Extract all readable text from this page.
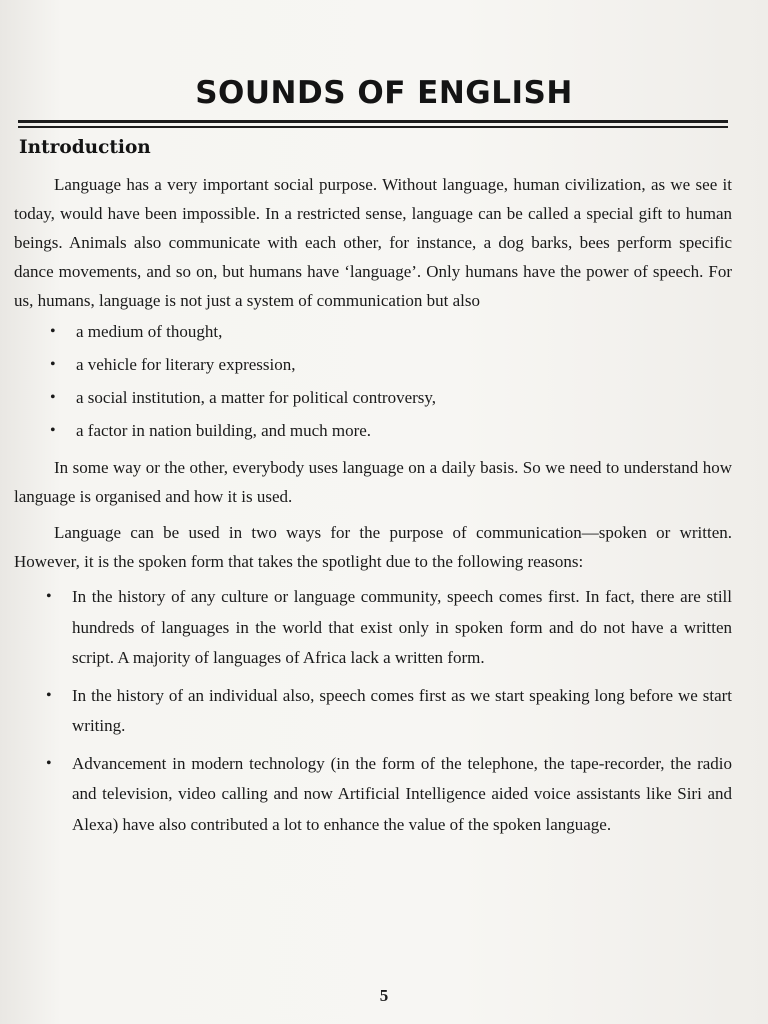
SOUNDS OF ENGLISH
Introduction

Language has a very important social purpose. Without language, human civilization, as we see it today, would have been impossible. In a restricted sense, language can be called a special gift to human beings. Animals also communicate with each other, for instance, a dog barks, bees perform specific dance movements, and so on, but humans have ‘language’. Only humans have the power of speech. For us, humans, language is not just a system of communication but also

• a medium of thought,
• a vehicle for literary expression,
• a social institution, a matter for political controversy,
• a factor in nation building, and much more.

In some way or the other, everybody uses language on a daily basis. So we need to understand how language is organised and how it is used.

Language can be used in two ways for the purpose of communication—spoken or written. However, it is the spoken form that takes the spotlight due to the following reasons:

• In the history of any culture or language community, speech comes first. In fact, there are still hundreds of languages in the world that exist only in spoken form and do not have a written script. A majority of languages of Africa lack a written form.
• In the history of an individual also, speech comes first as we start speaking long before we start writing.
• Advancement in modern technology (in the form of the telephone, the tape-recorder, the radio and television, video calling and now Artificial Intelligence aided voice assistants like Siri and Alexa) have also contributed a lot to enhance the value of the spoken language.
5
